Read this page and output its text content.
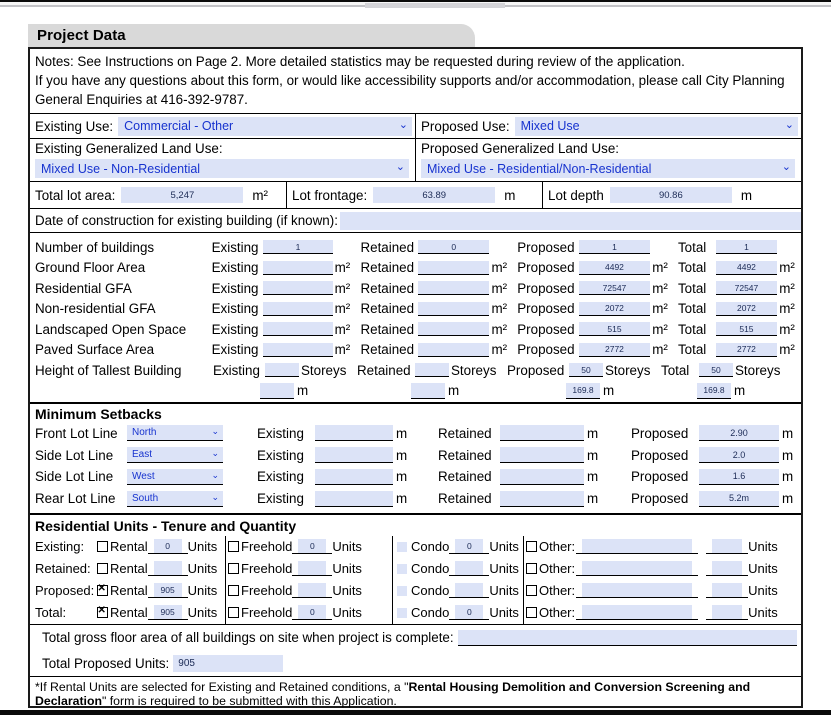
Project Data
Notes: See Instructions on Page 2. More detailed statistics may be requested during review of the application.
If you have any questions about this form, or would like accessibility supports and/or accommodation, please call City Planning General Enquiries at 416-392-9787.
Existing Use: Commercial - Other	⌄ Proposed Use: Mixed Use	⌄
Existing Generalized Land Use:
Mixed Use - Non-Residential	⌄
Proposed Generalized Land Use:
Mixed Use - Residential/Non-Residential	⌄
Total lot area:	5,247	m² Lot frontage:	63.89	m Lot depth	90.86	m
Date of construction for existing building (if known):
Number of buildings	Existing	1	Retained	0	Proposed	1	Total	1
Ground Floor Area	Existing	m² Retained	m² Proposed	4492	m² Total	4492	m²
Residential GFA	Existing	m² Retained	m² Proposed	72547	m² Total	72547	m²
Non-residential GFA	Existing	m² Retained	m² Proposed	2072	m² Total	2072	m²
Landscaped Open Space	Existing	m² Retained	m² Proposed	515	m² Total	515	m²
Paved Surface Area	Existing	m² Retained	m² Proposed	2772	m² Total	2772	m²
Height of Tallest Building	Existing	Storeys Retained	Storeys Proposed	50	Storeys Total	50	Storeys
m	m	169.8 m	169.8 m
Minimum Setbacks
Front Lot Line	North	⌄	Existing	m	Retained	m	Proposed	2.90	m
Side Lot Line	East	⌄	Existing	m	Retained	m	Proposed	2.0	m
Side Lot Line	West	⌄	Existing	m	Retained	m	Proposed	1.6	m
Rear Lot Line	South	⌄	Existing	m	Retained	m	Proposed	5.2m	m
Residential Units - Tenure and Quantity
Existing:	Rental	0	Units Freehold	0	Units	Condo	0	Units Other:	Units
Retained:	Rental	Units Freehold	Units	Condo	Units Other:	Units
Proposed: ✕ Rental	905 Units Freehold	Units	Condo	Units Other:	Units
Total: ✕	Rental	905 Units Freehold	0	Units	Condo	0	Units Other:	Units
Total gross floor area of all buildings on site when project is complete:
Total Proposed Units: 905
*If Rental Units are selected for Existing and Retained conditions, a "Rental Housing Demolition and Conversion Screening and Declaration" form is required to be submitted with this Application.
